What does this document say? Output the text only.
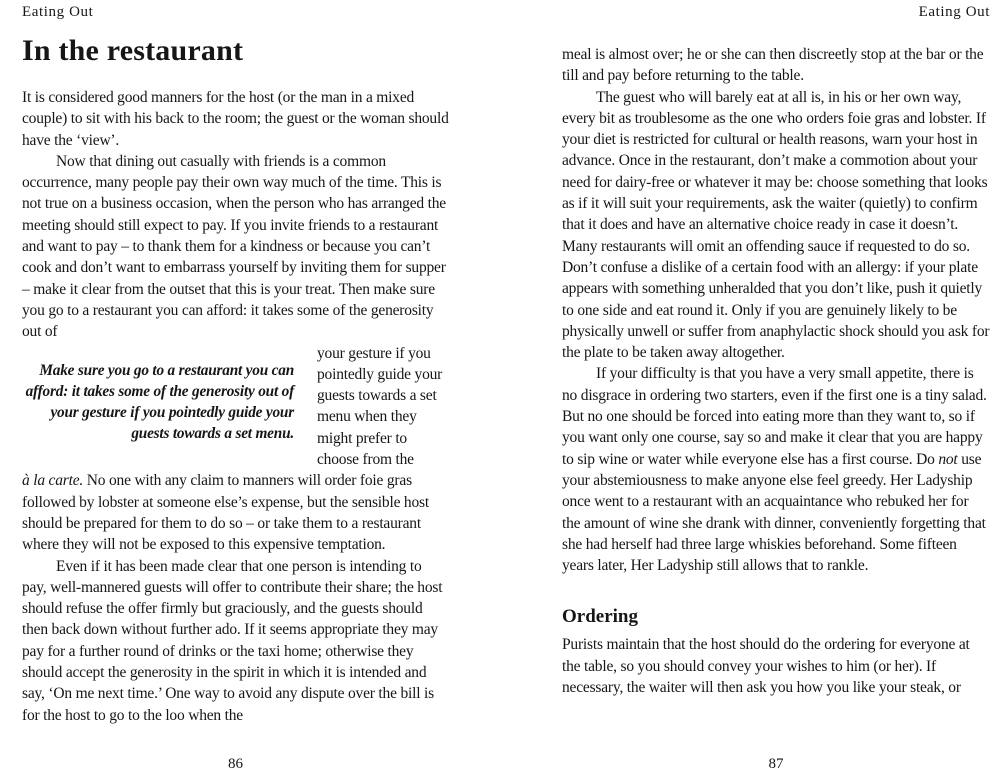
Eating Out
In the restaurant

It is considered good manners for the host (or the man in a mixed couple) to sit with his back to the room; the guest or the woman should have the ‘view’.

Now that dining out casually with friends is a common occurrence, many people pay their own way much of the time. This is not true on a business occasion, when the person who has arranged the meeting should still expect to pay. If you invite friends to a restaurant and want to pay – to thank them for a kindness or because you can’t cook and don’t want to embarrass yourself by inviting them for supper – make it clear from the outset that this is your treat. Then make sure you go to a restaurant you can afford: it takes some of the generosity out of

Make sure you go to a restaurant you can afford: it takes some of the generosity out of your gesture if you pointedly guide your guests towards a set menu.
your gesture if you pointedly guide your guests towards a set menu when they might prefer to choose from the

à la carte. No one with any claim to manners will order foie gras followed by lobster at someone else’s expense, but the sensible host should be prepared for them to do so – or take them to a restaurant where they will not be exposed to this expensive temptation.

Even if it has been made clear that one person is intending to pay, well-mannered guests will offer to contribute their share; the host should refuse the offer firmly but graciously, and the guests should then back down without further ado. If it seems appropriate they may pay for a further round of drinks or the taxi home; otherwise they should accept the generosity in the spirit in which it is intended and say, ‘On me next time.’ One way to avoid any dispute over the bill is for the host to go to the loo when the

86
Eating Out

meal is almost over; he or she can then discreetly stop at the bar or the till and pay before returning to the table.

The guest who will barely eat at all is, in his or her own way, every bit as troublesome as the one who orders foie gras and lobster. If your diet is restricted for cultural or health reasons, warn your host in advance. Once in the restaurant, don’t make a commotion about your need for dairy-free or whatever it may be: choose something that looks as if it will suit your requirements, ask the waiter (quietly) to confirm that it does and have an alternative choice ready in case it doesn’t. Many restaurants will omit an offending sauce if requested to do so. Don’t confuse a dislike of a certain food with an allergy: if your plate appears with something unheralded that you don’t like, push it quietly to one side and eat round it. Only if you are genuinely likely to be physically unwell or suffer from anaphylactic shock should you ask for the plate to be taken away altogether.

If your difficulty is that you have a very small appetite, there is no disgrace in ordering two starters, even if the first one is a tiny salad. But no one should be forced into eating more than they want to, so if you want only one course, say so and make it clear that you are happy to sip wine or water while everyone else has a first course. Do not use your abstemiousness to make anyone else feel greedy. Her Ladyship once went to a restaurant with an acquaintance who rebuked her for the amount of wine she drank with dinner, conveniently forgetting that she had herself had three large whiskies beforehand. Some fifteen years later, Her Ladyship still allows that to rankle.

Ordering

Purists maintain that the host should do the ordering for everyone at the table, so you should convey your wishes to him (or her). If necessary, the waiter will then ask you how you like your steak, or

87
